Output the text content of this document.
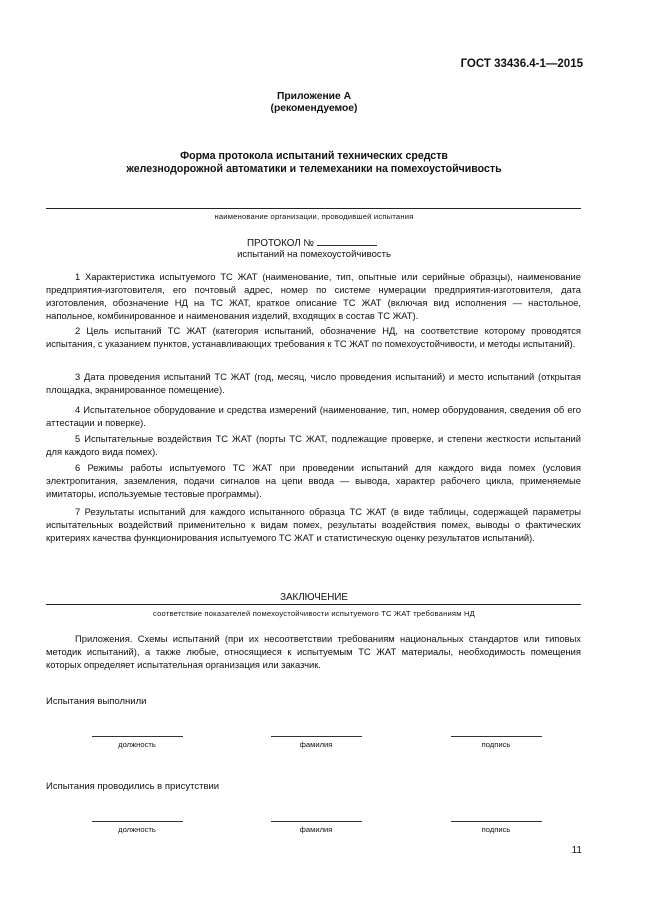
ГОСТ 33436.4-1—2015
Приложение А
(рекомендуемое)
Форма протокола испытаний технических средств
железнодорожной автоматики и телемеханики на помехоустойчивость
наименование организации, проводившей испытания
ПРОТОКОЛ №
испытаний на помехоустойчивость
1 Характеристика испытуемого ТС ЖАТ (наименование, тип, опытные или серийные образцы), наименование предприятия-изготовителя, его почтовый адрес, номер по системе нумерации предприятия-изготовителя, дата изготовления, обозначение НД на ТС ЖАТ, краткое описание ТС ЖАТ (включая вид исполнения — настольное, напольное, комбинированное и наименования изделий, входящих в состав ТС ЖАТ).
2 Цель испытаний ТС ЖАТ (категория испытаний, обозначение НД, на соответствие которому проводятся испытания, с указанием пунктов, устанавливающих требования к ТС ЖАТ по помехоустойчивости, и методы испытаний).
3 Дата проведения испытаний ТС ЖАТ (год, месяц, число проведения испытаний) и место испытаний (открытая площадка, экранированное помещение).
4 Испытательное оборудование и средства измерений (наименование, тип, номер оборудования, сведения об его аттестации и поверке).
5 Испытательные воздействия ТС ЖАТ (порты ТС ЖАТ, подлежащие проверке, и степени жесткости испытаний для каждого вида помех).
6 Режимы работы испытуемого ТС ЖАТ при проведении испытаний для каждого вида помех (условия электропитания, заземления, подачи сигналов на цепи ввода — вывода, характер рабочего цикла, применяемые имитаторы, используемые тестовые программы).
7 Результаты испытаний для каждого испытанного образца ТС ЖАТ (в виде таблицы, содержащей параметры испытательных воздействий применительно к видам помех, результаты воздействия помех, выводы о фактических критериях качества функционирования испытуемого ТС ЖАТ и статистическую оценку результатов испытаний).
ЗАКЛЮЧЕНИЕ
соответствие показателей помехоустойчивости испытуемого ТС ЖАТ требованиям НД
Приложения. Схемы испытаний (при их несоответствии требованиям национальных стандартов или типовых методик испытаний), а также любые, относящиеся к испытуемым ТС ЖАТ материалы, необходимость помещения которых определяет испытательная организация или заказчик.
Испытания выполнили
должность	фамилия	подпись
Испытания проводились в присутствии
должность	фамилия	подпись
11
